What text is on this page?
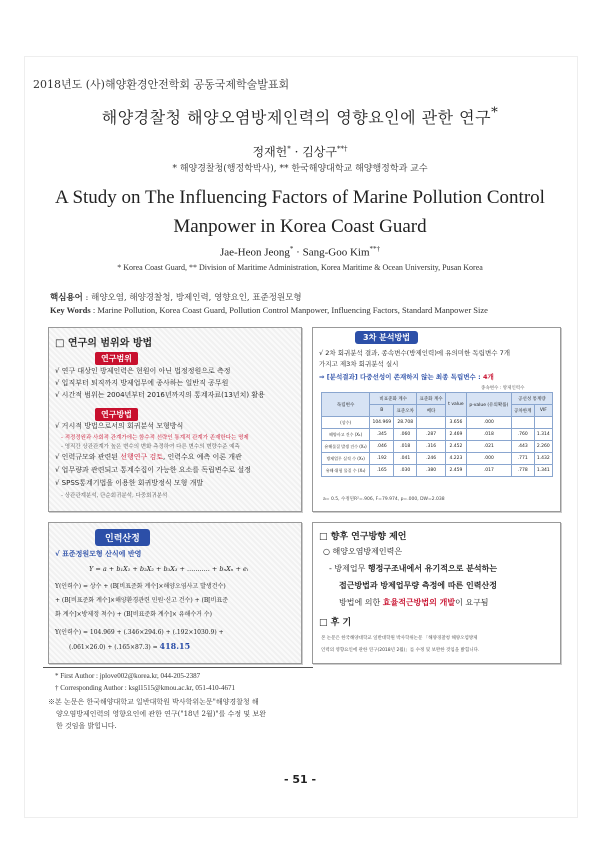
2018년도 (사)해양환경안전학회 공동국제학술발표회
해양경찰청 해양오염방제인력의 영향요인에 관한 연구*
정재헌* · 김상구**†
* 해양경찰청(행정학박사), ** 한국해양대학교 해양행정학과 교수
A Study on The Influencing Factors of Marine Pollution Control
Manpower in Korea Coast Guard
Jae-Heon Jeong* · Sang-Goo Kim**†
* Korea Coast Guard, ** Division of Maritime Administration, Korea Maritime & Ocean University, Pusan Korea
핵심용어 : 해양오염, 해양경찰청, 방제인력, 영향요인, 표준정원모형
Key Words : Marine Pollution, Korea Coast Guard, Pollution Control Manpower, Influencing Factors, Standard Manpower Size
□ 연구의 범위와 방법
연구범위
√ 연구 대상인 방제인력은 현원이 아닌 법정정원으로 측정
√ 입직부터 퇴직까지 방제업무에 종사하는 일반직 공무원
√ 시간적 범위는 2004년부터 2016년까지의 통계자료(13년치) 활용
연구방법
√ 거시적 방법으로서의 회귀분석 모형방식
- 적정정원과 사회적 관계가에는 함수적 선략인 통계적 관계가 존재한다는 명제
- 영직간 상관관계가 높은 변수의 변화 측정하여 다른 변수의 변량수준 예측
√ 인력규모와 관련된 선행연구 검토, 인력수요 예측 이론 개관
√ 업무량과 관련되고 통계수집이 가능한 요소를 독립변수로 설정
√ SPSS통계기법을 이용한 회귀방정식 모형 개발
- 상관관계분석, 단순회귀분석, 다중회귀분석
3차 분석방법
√ 2차 회귀분석 결과, 종속변수(방제인력)에 유의미한 독립변수 7개
가지고 제3차 회귀분석 실시
⇒ [분석결과] 다중선성이 존재하지 않는 최종 독립변수 : 4개
종속변수 : 방제인력수
독립변수	비표준화 계수		표준화 계수	t value	p-value (유의확률)	공선성 통계량	
	B	표준오차	베타			공차한계	VIF
(상수)	104.969	28.708		3.656	.000		
해양사고 건수 (X₁)	.345	.060	.287	2.469	.018	.760	1.314
유해물질 발생 건수 (X₂)	.046	.018	.316	2.452	.021	.443	2.260
방제업무 실적 수 (X₃)	.192	.041	.246	4.223	.000	.771	1.432
유해·위험 물질 수 (X₄)	.165	.030	.380	2.459	.017	.778	1.341
a= 0.5, 수정된R²=.906, F=79.974, p=.000, DW=2.038
인력산정
√ 표준정원모형 산식에 반영
Y = a + b₁X₁ + b₂X₂ + b₃X₃ + ........... + bₙXₙ + eᵢ
Y(인력수) = 상수 + (B[비표준화 계수]×해양오염사고 발생건수)
+ (B[비표준화 계수]×해양환경관련 민원·신고 건수) + (B[비표준
화 계수]×방제정 척수) + (B[비표준화 계수]× 유해수거 수)
Y(인력수) = 104.969 + (.346×294.6) + (.192×1030.9) +
(.061×26.0) + (.165×87.3) = 418.15
□ 향후 연구방향 제언
○ 해양오염방제인력은
- 방제업무 행정구조내에서 유기적으로 분석하는
접근방법과 방제업무량 측정에 따른 인력산정
방법에 의한 효율적근방법의 개발이 요구됨
□ 후 기
본 논문은 한국해양대학교 일반대학원 박사학위논문 「해양경찰청 해양오염방제
인력의 영향요인에 관한 연구(2018년 2월)」를 수정 및 보완한 것임을 밝힙니다.
* First Author : jplove002@korea.kr, 044-205-2387
† Corresponding Author : ksgl1515@kmou.ac.kr, 051-410-4671
※본 논문은 한국해양대학교 일반대학원 박사학위논문"해양경찰청 해
양오염방제인력의 영향요인에 관한 연구("18년 2월)"를 수정 및 보완
한 것임을 밝힙니다.
- 51 -
